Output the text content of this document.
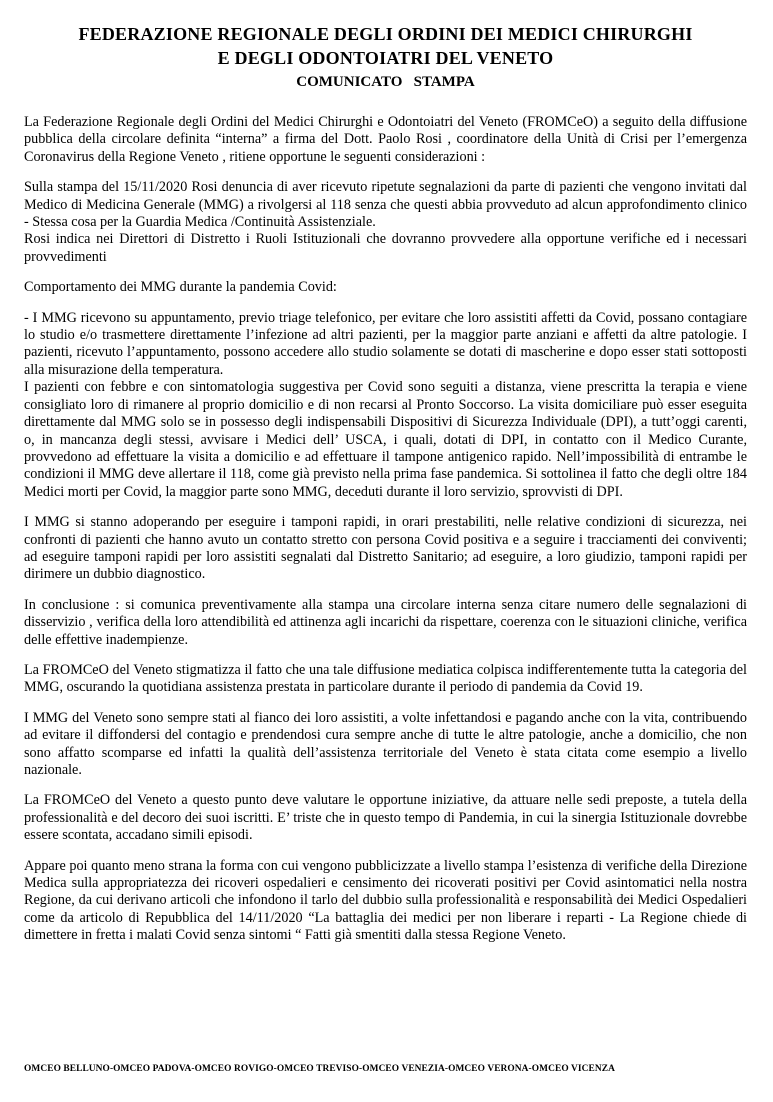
FEDERAZIONE REGIONALE DEGLI ORDINI DEI MEDICI CHIRURGHI
E DEGLI ODONTOIATRI DEL VENETO
COMUNICATO   STAMPA

La Federazione Regionale degli Ordini del Medici Chirurghi e Odontoiatri del Veneto (FROMCeO) a seguito della diffusione pubblica della circolare definita “interna” a firma del Dott. Paolo Rosi , coordinatore della Unità di Crisi per l’emergenza Coronavirus della Regione Veneto , ritiene opportune le seguenti considerazioni :

Sulla stampa del 15/11/2020 Rosi denuncia di aver ricevuto ripetute segnalazioni da parte di pazienti che vengono invitati dal Medico di Medicina Generale (MMG) a rivolgersi al 118 senza che questi abbia provveduto ad alcun approfondimento clinico - Stessa cosa per la Guardia Medica /Continuità Assistenziale.

Rosi indica nei Direttori di Distretto i Ruoli Istituzionali che dovranno provvedere alla opportune verifiche ed i necessari provvedimenti

Comportamento dei MMG durante la pandemia Covid:

- I MMG ricevono su appuntamento, previo triage telefonico, per evitare che loro assistiti affetti da Covid, possano contagiare lo studio e/o trasmettere direttamente l’infezione ad altri pazienti, per la maggior parte anziani e affetti da altre patologie. I pazienti, ricevuto l’appuntamento, possono accedere allo studio solamente se dotati di mascherine e dopo esser stati sottoposti alla misurazione della temperatura.

I pazienti con febbre e con sintomatologia suggestiva per Covid sono seguiti a distanza, viene prescritta la terapia e viene consigliato loro di rimanere al proprio domicilio e di non recarsi al Pronto Soccorso. La visita domiciliare può esser eseguita direttamente dal MMG solo se in possesso degli indispensabili Dispositivi di Sicurezza Individuale (DPI), a tutt’oggi carenti, o, in mancanza degli stessi, avvisare i Medici dell’ USCA, i quali, dotati di DPI, in contatto con il Medico Curante, provvedono ad effettuare la visita a domicilio e ad effettuare il tampone antigenico rapido. Nell’impossibilità di entrambe le condizioni il MMG deve allertare il 118, come già previsto nella prima fase pandemica. Si sottolinea il fatto che degli oltre 184 Medici morti per Covid, la maggior parte sono MMG, deceduti durante il loro servizio, sprovvisti di DPI.

I MMG si stanno adoperando per eseguire i tamponi rapidi, in orari prestabiliti, nelle relative condizioni di sicurezza, nei confronti di pazienti che hanno avuto un contatto stretto con persona Covid positiva e a seguire i tracciamenti dei conviventi; ad eseguire tamponi rapidi per loro assistiti segnalati dal Distretto Sanitario; ad eseguire, a loro giudizio, tamponi rapidi per dirimere un dubbio diagnostico.

In conclusione : si comunica preventivamente alla stampa una circolare interna senza citare numero delle segnalazioni di disservizio , verifica della loro attendibilità ed attinenza agli incarichi da rispettare, coerenza con le situazioni cliniche, verifica delle effettive inadempienze.

La FROMCeO del Veneto stigmatizza il fatto che una tale diffusione mediatica colpisca indifferentemente tutta la categoria del MMG, oscurando la quotidiana assistenza prestata in particolare durante il periodo di pandemia da Covid 19.

I MMG del Veneto sono sempre stati al fianco dei loro assistiti, a volte infettandosi e pagando anche con la vita, contribuendo ad evitare il diffondersi del contagio e prendendosi cura sempre anche di tutte le altre patologie, anche a domicilio, che non sono affatto scomparse ed infatti la qualità dell’assistenza territoriale del Veneto è stata citata come esempio a livello nazionale.

La FROMCeO del Veneto a questo punto deve valutare le opportune iniziative, da attuare nelle sedi preposte, a tutela della professionalità e del decoro dei suoi iscritti. E’ triste che in questo tempo di Pandemia, in cui la sinergia Istituzionale dovrebbe essere scontata, accadano simili episodi.

Appare poi quanto meno strana la forma con cui vengono pubblicizzate a livello stampa l’esistenza di verifiche della Direzione Medica sulla appropriatezza dei ricoveri ospedalieri e censimento dei ricoverati positivi per Covid asintomatici nella nostra Regione, da cui derivano articoli che infondono il tarlo del dubbio sulla professionalità e responsabilità dei Medici Ospedalieri come da articolo di Repubblica del 14/11/2020 “La battaglia dei medici per non liberare i reparti - La Regione chiede di dimettere in fretta i malati Covid senza sintomi “ Fatti già smentiti dalla stessa Regione Veneto.

OMCEO BELLUNO-OMCEO PADOVA-OMCEO ROVIGO-OMCEO TREVISO-OMCEO VENEZIA-OMCEO VERONA-OMCEO VICENZA
